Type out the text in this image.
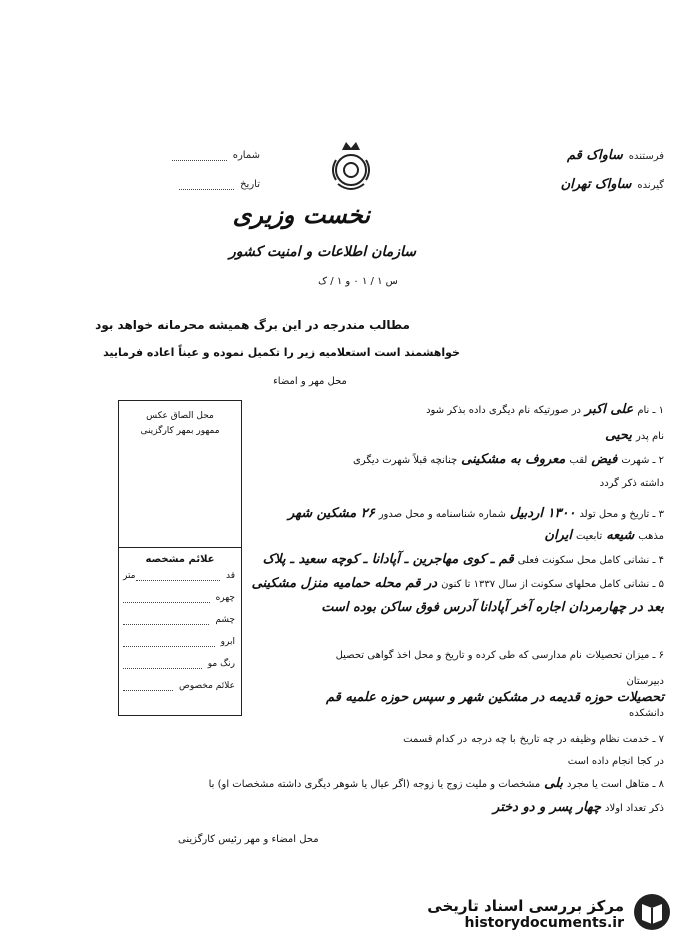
فرستنده
ساواک قم
گیرنده
ساواک تهران
شماره
تاریخ
نخست وزیری
سازمان اطلاعات و امنیت کشور
س ۱ / ۱ ۰ و ۱ / ک
مطالب مندرجه در این برگ همیشه محرمانه خواهد بود
خواهشمند است استعلامیه زیر را تکمیل نموده و عیناً اعاده فرمایید
محل مهر و امضاء
محل الصاق عکس
ممهور بمهر کارگزینی
علائم مشخصه
قد
متر
چهره
چشم
ابرو
رنگ مو
علائم مخصوص
۱ ـ نام
علی اکبر
در صورتیکه نام دیگری داده بذکر شود
نام پدر
یحیی
۲ ـ شهرت
فیض
لقب
معروف به مشکینی
چنانچه قبلاً شهرت دیگری
داشته ذکر گردد
۳ ـ تاریخ و محل تولد
۱۳۰۰ اردبیل
شماره شناسنامه و محل صدور
۲۶ مشکین شهر
مذهب
شیعه
تابعیت
ایران
۴ ـ نشانی کامل محل سکونت فعلی
قم ـ کوی مهاجرین ـ آپادانا ـ کوچه سعید ـ پلاک
۵ ـ نشانی کامل محلهای سکونت از سال ۱۳۳۷ تا کنون
در قم محله حمامیه منزل مشکینی
بعد در چهارمردان اجاره آخر آپادانا آدرس فوق ساکن بوده است
۶ ـ میزان تحصیلات
نام مدارسی که طی کرده و تاریخ و محل اخذ گواهی تحصیل
دبیرستان
تحصیلات حوزه قدیمه در مشکین شهر و سپس حوزه علمیه قم
دانشکده
۷ ـ خدمت نظام وظیفه در چه تاریخ
با چه درجه
در کدام قسمت
در کجا
انجام داده است
۸ ـ متاهل است یا مجرد
بلی
مشخصات و ملیت زوج یا زوجه (اگر عیال یا شوهر دیگری داشته مشخصات او) با
ذکر تعداد اولاد
چهار پسر و دو دختر
محل امضاء و مهر رئیس کارگزینی
مرکز بررسی اسناد تاریخی
historydocuments.ir
